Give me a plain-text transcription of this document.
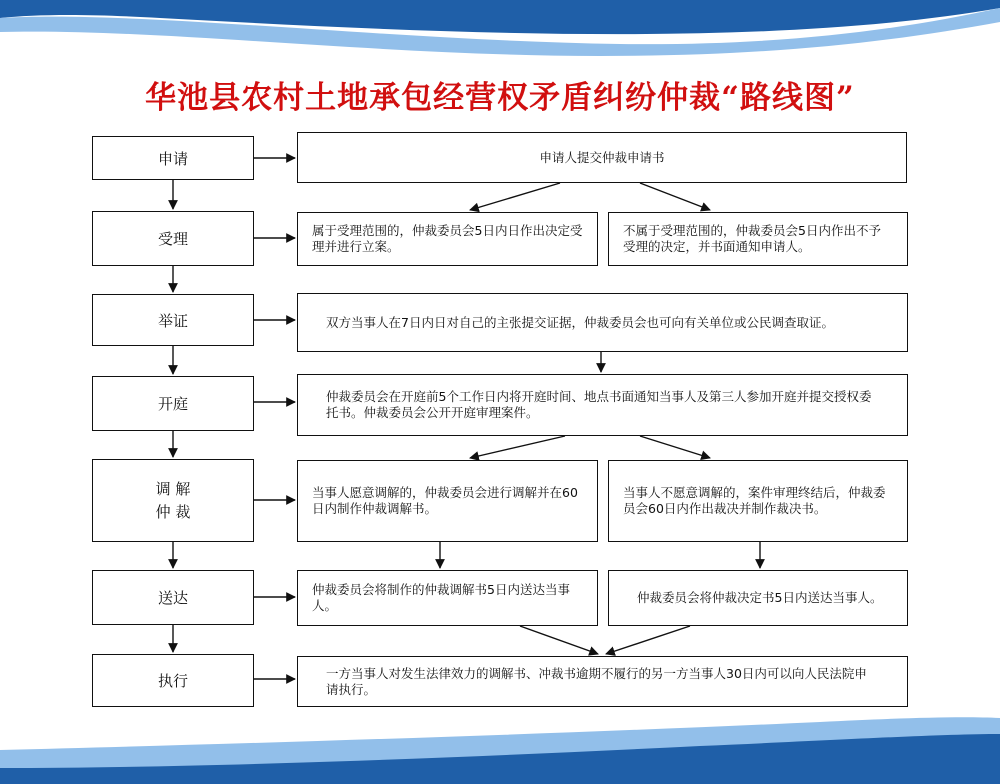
华池县农村土地承包经营权矛盾纠纷仲裁“路线图”
申请
受理
举证
开庭
调 解
仲 裁
送达
执行
申请人提交仲裁申请书
属于受理范围的，仲裁委员会5日内日作出决定受理并进行立案。
不属于受理范围的，仲裁委员会5日内作出不予受理的决定，并书面通知申请人。
双方当事人在7日内日对自己的主张提交证据，仲裁委员会也可向有关单位或公民调查取证。
仲裁委员会在开庭前5个工作日内将开庭时间、地点书面通知当事人及第三人参加开庭并提交授权委托书。仲裁委员会公开开庭审理案件。
当事人愿意调解的，仲裁委员会进行调解并在60日内制作仲裁调解书。
当事人不愿意调解的，案件审理终结后，仲裁委员会60日内作出裁决并制作裁决书。
仲裁委员会将制作的仲裁调解书5日内送达当事人。
仲裁委员会将仲裁决定书5日内送达当事人。
一方当事人对发生法律效力的调解书、冲裁书逾期不履行的另一方当事人30日内可以向人民法院申请执行。
